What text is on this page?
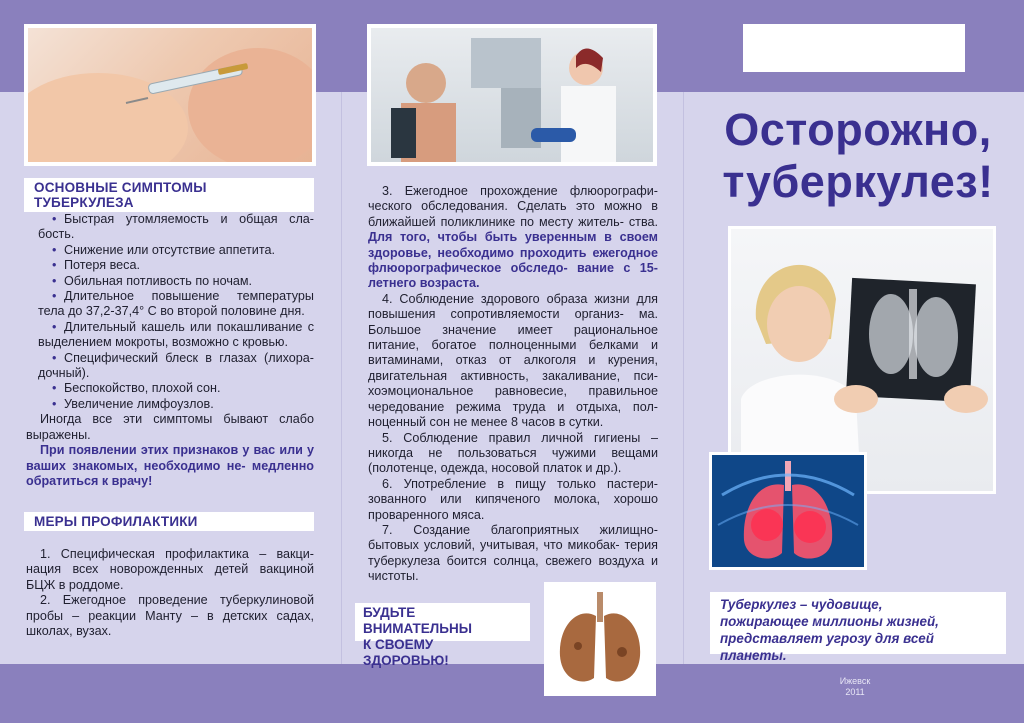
ОСНОВНЫЕ СИМПТОМЫ ТУБЕРКУЛЕЗА

• Быстрая утомляемость и общая сла- бость.

• Снижение или отсутствие аппетита.

• Потеря веса.

• Обильная потливость по ночам.

• Длительное повышение температуры тела до 37,2-37,4° С во второй половине дня.

• Длительный кашель или покашливание с выделением мокроты, возможно с кровью.

• Специфический блеск в глазах (лихора- дочный).

• Беспокойство, плохой сон.

• Увеличение лимфоузлов.

Иногда все эти симптомы бывают слабо выражены.

При появлении этих признаков у вас или у ваших знакомых, необходимо не- медленно обратиться к врачу!

МЕРЫ ПРОФИЛАКТИКИ

1. Специфическая профилактика – вакци- нация всех новорожденных детей вакциной БЦЖ в роддоме.

2. Ежегодное проведение туберкулиновой пробы – реакции Манту – в детских садах, школах, вузах.

3. Ежегодное прохождение флюорографи- ческого обследования. Сделать это можно в ближайшей поликлинике по месту житель- ства. Для того, чтобы быть уверенным в своем здоровье, необходимо проходить ежегодное флюорографическое обследо- вание с 15-летнего возраста.

4. Соблюдение здорового образа жизни для повышения сопротивляемости организ- ма. Большое значение имеет рациональное питание, богатое полноценными белками и витаминами, отказ от алкоголя и курения, двигательная активность, закаливание, пси- хоэмоциональное равновесие, правильное чередование режима труда и отдыха, пол- ноценный сон не менее 8 часов в сутки.

5. Соблюдение правил личной гигиены – никогда не пользоваться чужими вещами (полотенце, одежда, носовой платок и др.).

6. Употребление в пищу только пастери- зованного или кипяченого молока, хорошо проваренного мяса.

7. Создание благоприятных жилищно- бытовых условий, учитывая, что микобак- терия туберкулеза боится солнца, свежего воздуха и чистоты.

БУДЬТЕ ВНИМАТЕЛЬНЫ
К СВОЕМУ ЗДОРОВЬЮ!
Осторожно,
туберкулез!
Туберкулез – чудовище,
пожирающее миллионы жизней,
представляет угрозу для всей планеты.
Ижевск
2011
